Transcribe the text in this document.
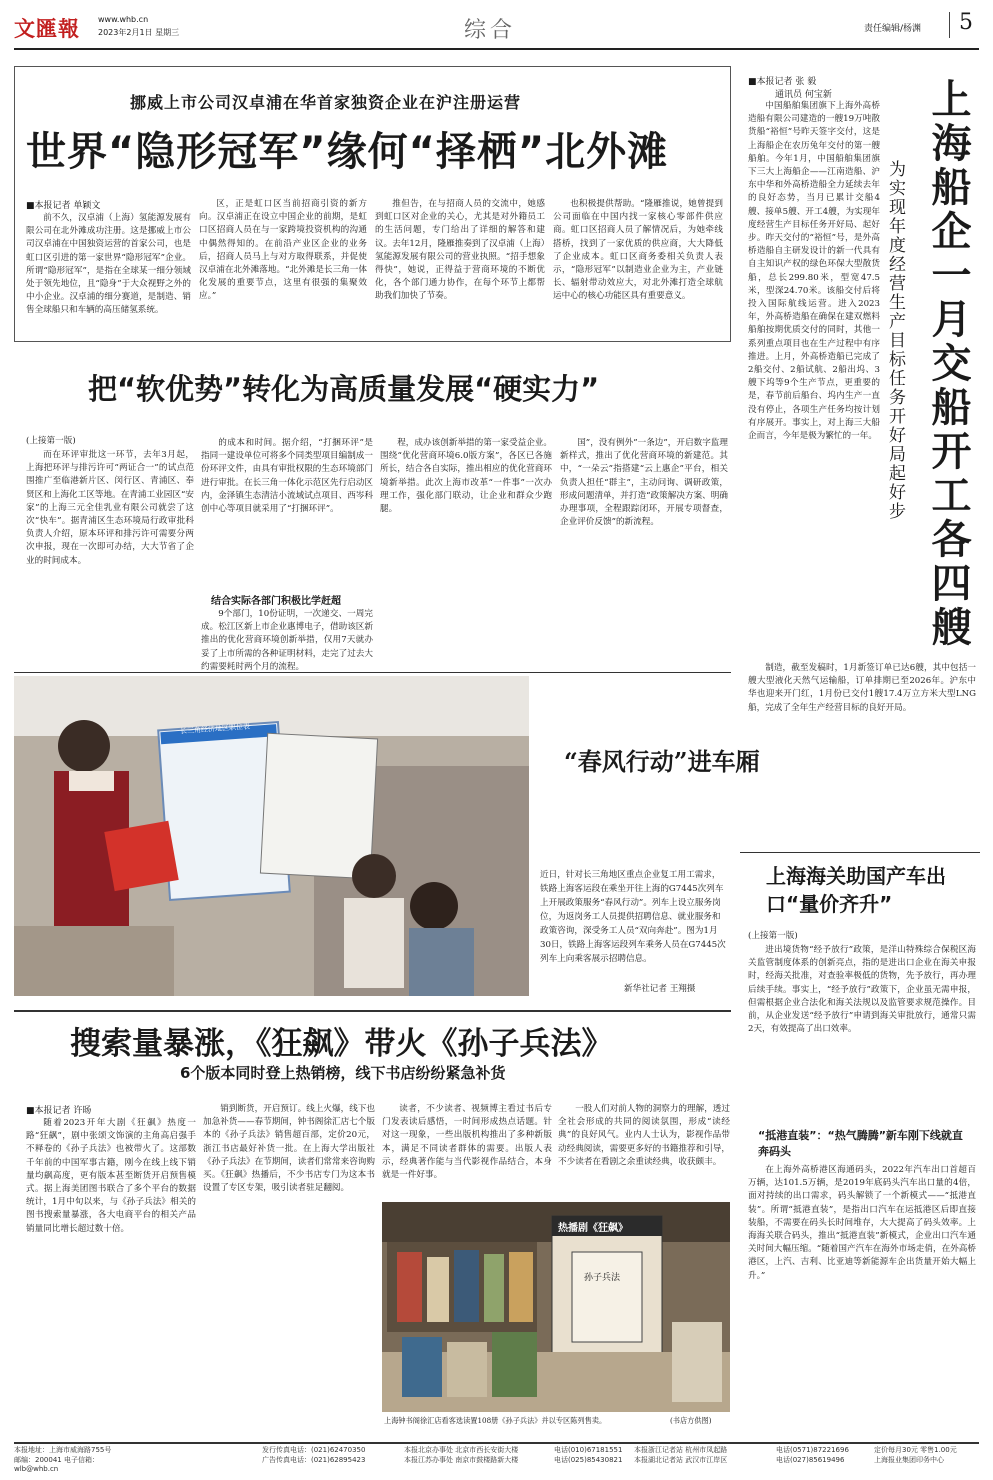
文匯報 www.whb.cn
2023年2月1日 星期三	综合	责任编辑/杨渊 5
挪威上市公司汉卓浦在华首家独资企业在沪注册运营
世界“隐形冠军”缘何“择栖”北外滩
■本报记者 单颖文

前不久，汉卓浦（上海）氢能源发展有限公司在北外滩成功注册。这是挪威上市公司汉卓浦在中国独资运营的首家公司，也是虹口区引进的第一家世界“隐形冠军”企业。所谓“隐形冠军”，是指在全球某一细分领域处于领先地位，且“隐身”于大众视野之外的中小企业。汉卓浦的细分赛道，是制造、销售全球船只和车辆的高压储氢系统。

区，正是虹口区当前招商引资的新方向。汉卓浦正在设立中国企业的前期，是虹口区招商人员在与一家跨境投资机构的沟通中偶然得知的。在前沿产业区企业的业务后，招商人员马上与对方取得联系，并促使汉卓浦在北外滩落地。“北外滩是长三角一体化发展的重要节点，这里有很强的集聚效应。”

推但告，在与招商人员的交流中，她感到虹口区对企业的关心，尤其是对外籍员工的生活问题，专门给出了详细的解答和建议。去年12月，隆雁推奏到了汉卓浦（上海）氢能源发展有限公司的营业执照。“招手想象得快”，她说，正得益于营商环境的不断优化，各个部门通力协作，在每个环节上都帮助我们加快了节奏。

也积极提供帮助。“隆雁推说，她曾提到公司面临在中国内找一家核心零部件供应商。虹口区招商人员了解情况后，为她牵线搭桥，找到了一家优质的供应商，大大降低了企业成本。虹口区商务委相关负责人表示，“隐形冠军”以制造业企业为主，产业链长、辐射带动效应大，对北外滩打造全球航运中心的核心功能区具有重要意义。

把“软优势”转化为高质量发展“硬实力”
(上接第一版)

而在环评审批这一环节，去年3月起，上海把环评与排污许可“两证合一”的试点范围推广至临港新片区、闵行区、青浦区、奉贤区和上海化工区等地。在青浦工业园区“安家”的上海三元全佳乳业有限公司就尝了这次“快车”。据青浦区生态环境局行政审批科负责人介绍，原本环评和排污许可需要分两次申报，现在一次即可办结，大大节省了企业的时间成本。

的成本和时间。据介绍，“打捆环评”是指同一建设单位可将多个同类型项目编制成一份环评文件，由具有审批权限的生态环境部门进行审批。在长三角一体化示范区先行启动区内，金泽镇生态清洁小流域试点项目、西岑科创中心等项目就采用了“打捆环评”。

结合实际各部门积极比学赶超

9个部门，10份证明，一次递交、一周完成。松江区新上市企业惠博电子，借助该区新推出的优化营商环境创新举措，仅用7天就办妥了上市所需的各种证明材料，走完了过去大约需要耗时两个月的流程。

程，成办该创新举措的第一家受益企业。围绕“优化营商环境6.0版方案”，各区已各施所长，结合各自实际，推出相应的优化营商环境新举措。此次上海市改革“一件事”一次办理工作，强化部门联动，让企业和群众少跑腿。

国”，没有例外”一条边”，开启数字监理新样式，推出了优化营商环境的新建范。其中，“一朵云”指搭建“云上惠企”平台，相关负责人担任“群主”，主动问询、调研政策，形成问题清单，并打造“政策解决方案、明确办理事项，全程跟踪闭环，开展专项督查，企业评价反馈”的新流程。

长三角经济地区职位表
“春风行动”进车厢
近日，针对长三角地区重点企业复工用工需求，铁路上海客运段在乘坐开往上海的G7445次列车上开展政策服务“春风行动”。列车上设立服务岗位，为返岗务工人员提供招聘信息、就业服务和政策咨询，深受务工人员“双向奔赴”。图为1月30日，铁路上海客运段列车乘务人员在G7445次列车上向乘客展示招聘信息。
新华社记者 王翔摄
搜索量暴涨，《狂飙》带火《孙子兵法》
6个版本同时登上热销榜，线下书店纷纷紧急补货
■本报记者 许旸

随着2023开年大剧《狂飙》热度一路“狂飙”，剧中张颂文饰演的主角高启强手不释卷的《孙子兵法》也被带火了。这部数千年前的中国军事古籍，刚今在线上线下销量均飙高度，更有版本甚至断货开启预售模式。据上海美团图书联合了多个平台的数据统计，1月中旬以来，与《孙子兵法》相关的图书搜索量暴涨，各大电商平台的相关产品销量同比增长超过数十倍。

销到断货，开启预订。线上火爆，线下也加急补货——春节期间，钟书阁徐汇店七个版本的《孙子兵法》销售超百部，定价20元，浙江书店最好补货一批。在上海大学出版社《孙子兵法》在节期间，读者们常常来咨询购买。《狂飙》热播后，不少书店专门为这本书设置了专区专架，吸引读者驻足翻阅。

读者，不少读者、视频博主看过书后专门发表读后感悟，一时间形成热点话题。针对这一现象，一些出版机构推出了多种新版本，满足不同读者群体的需要。出版人表示，经典著作能与当代影视作品结合，本身就是一件好事。

一股人们对前人物的洞察力的理解，透过全社会形成的共同的阅读氛围，形成“读经典”的良好风气。业内人士认为，影视作品带动经典阅读，需要更多好的书籍推荐和引导，不少读者在看剧之余重读经典，收获颇丰。

热播剧《狂飙》
孙子兵法
上海钟书阁徐汇店看客选读置108册《孙子兵法》并以专区陈列售卖。	(书店方供图)
■本报记者 张 毅
通讯员 何宝新 上海船企一月交船开工各四艘
为实现年度经营生产目标任务开好局起好步

中国船舶集团旗下上海外高桥造船有限公司建造的一艘19万吨散货船“裕恒”号昨天签字交付，这是上海船企在农历兔年交付的第一艘船舶。今年1月，中国船舶集团旗下三大上海船企——江南造船、沪东中华和外高桥造船全力延续去年的良好态势，当月已累计交船4艘、接单5艘、开工4艘，为实现年度经营生产目标任务开好局、起好步。昨天交付的“裕恒”号，是外高桥造船自主研发设计的新一代具有自主知识产权的绿色环保大型散货船，总长299.80米，型宽47.5米，型深24.70米。该船交付后将投入国际航线运营。进入2023年，外高桥造船在确保在建双燃料船舶按期优质交付的同时，其他一系列重点项目也在生产过程中有序推进。上月，外高桥造船已完成了2船交付、2船试航、2船出坞、3艘下坞等9个生产节点，更重要的是，春节前后船台、坞内生产一直没有停止，各项生产任务均按计划有序展开。事实上，对上海三大船企而言，今年是极为繁忙的一年。

制造，截至发稿时，1月新签订单已达6艘，其中包括一艘大型液化天然气运输船，订单排期已至2026年。沪东中华也迎来开门红，1月份已交付1艘17.4万立方米大型LNG船，完成了全年生产经营目标的良好开局。

上海海关助国产车出口“量价齐升”
(上接第一版)

进出境货物“经予放行”政策，是洋山特殊综合保税区海关监管制度体系的创新亮点，指的是进出口企业在海关申报时，经海关批准，对查验率极低的货物，先予放行，再办理后续手续。事实上，“经予放行”政策下，企业虽无需申报，但需根据企业合法化和海关法规以及监管要求规范操作。目前，从企业发送“经予放行”申请到海关审批放行，通常只需2天，有效提高了出口效率。

“抵港直装”：“热气腾腾”新车刚下线就直奔码头

在上海外高桥港区海通码头，2022年汽车出口首超百万辆，达101.5万辆，是2019年底码头汽车出口量的4倍，面对持续的出口需求，码头解锁了一个新模式——“抵港直装”。所谓“抵港直装”，是指出口汽车在运抵港区后即直接装船，不需要在码头长时间堆存，大大提高了码头效率。上海海关联合码头，推出“抵港直装”新模式，企业出口汽车通关时间大幅压缩。“随着国产汽车在海外市场走俏，在外高桥港区，上汽、吉利、比亚迪等新能源车企出货量开始大幅上升。”

本报地址：上海市威海路755号
邮编：200041 电子信箱：wlb@whb.cn
发行传真电话：(021)62470350
广告传真电话：(021)62895423
本报北京办事处 北京市西长安街大楼
本报江苏办事处 南京市鼓楼路新大楼
电话(010)67181551
电话(025)85430821
本报浙江记者站 杭州市凤起路
本报湖北记者站 武汉市江岸区
电话(0571)87221696
电话(027)85619496
定价每月30元 零售1.00元
上海报业集团印务中心
